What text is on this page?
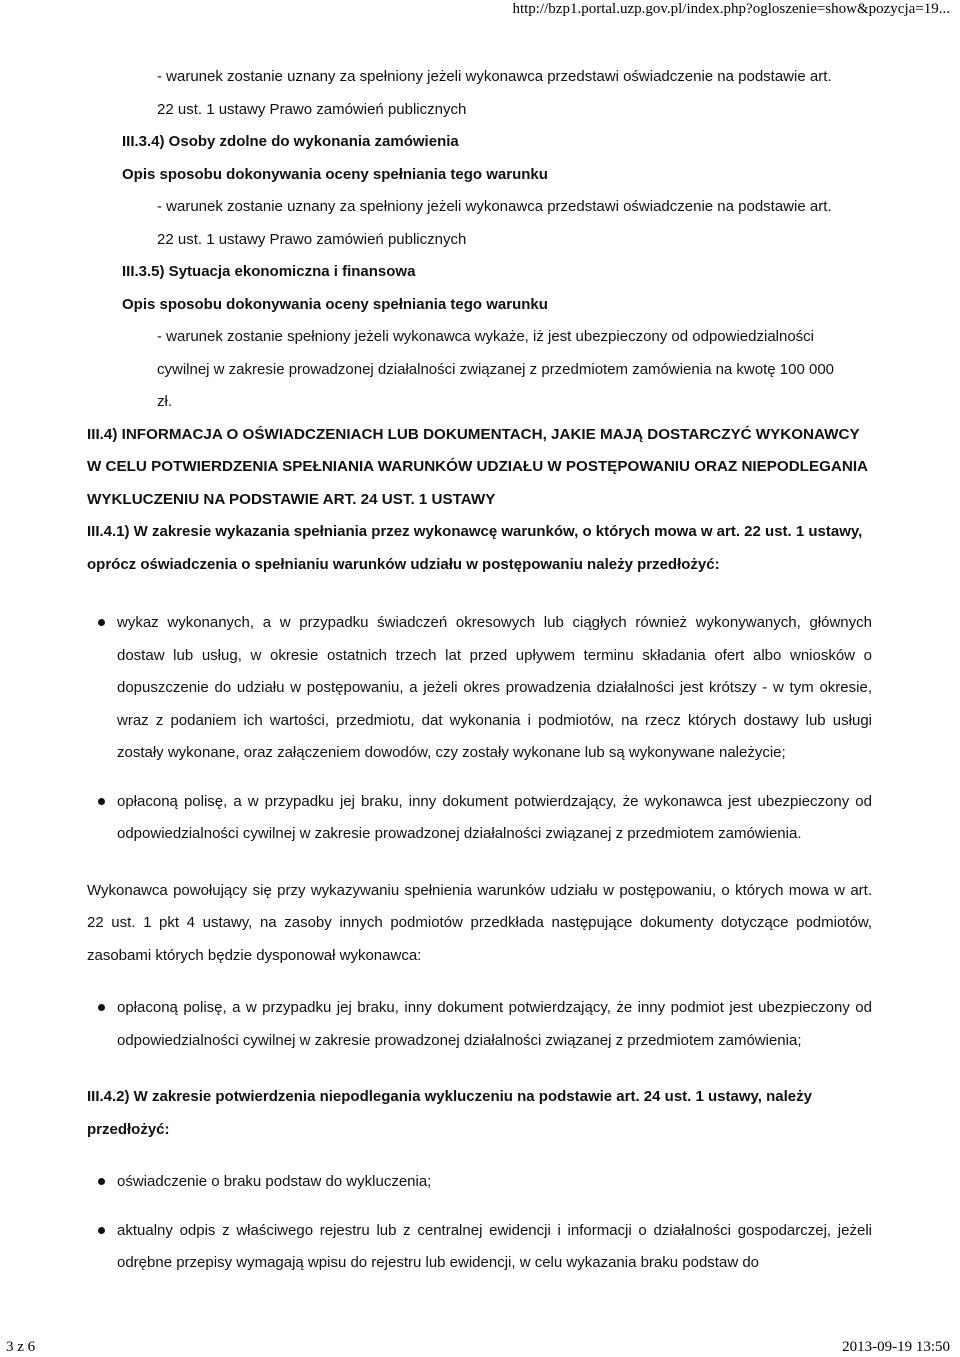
http://bzp1.portal.uzp.gov.pl/index.php?ogloszenie=show&pozycja=19...

- warunek zostanie uznany za spełniony jeżeli wykonawca przedstawi oświadczenie na podstawie art.

22 ust. 1 ustawy Prawo zamówień publicznych

III.3.4) Osoby zdolne do wykonania zamówienia

Opis sposobu dokonywania oceny spełniania tego warunku

- warunek zostanie uznany za spełniony jeżeli wykonawca przedstawi oświadczenie na podstawie art.

22 ust. 1 ustawy Prawo zamówień publicznych

III.3.5) Sytuacja ekonomiczna i finansowa

Opis sposobu dokonywania oceny spełniania tego warunku

- warunek zostanie spełniony jeżeli wykonawca wykaże, iż jest ubezpieczony od odpowiedzialności

cywilnej w zakresie prowadzonej działalności związanej z przedmiotem zamówienia na kwotę 100 000

zł.

III.4) INFORMACJA O OŚWIADCZENIACH LUB DOKUMENTACH, JAKIE MAJĄ DOSTARCZYĆ WYKONAWCY W CELU POTWIERDZENIA SPEŁNIANIA WARUNKÓW UDZIAŁU W POSTĘPOWANIU ORAZ NIEPODLEGANIA WYKLUCZENIU NA PODSTAWIE ART. 24 UST. 1 USTAWY

III.4.1) W zakresie wykazania spełniania przez wykonawcę warunków, o których mowa w art. 22 ust. 1 ustawy, oprócz oświadczenia o spełnianiu warunków udziału w postępowaniu należy przedłożyć:

wykaz wykonanych, a w przypadku świadczeń okresowych lub ciągłych również wykonywanych, głównych dostaw lub usług, w okresie ostatnich trzech lat przed upływem terminu składania ofert albo wniosków o dopuszczenie do udziału w postępowaniu, a jeżeli okres prowadzenia działalności jest krótszy - w tym okresie, wraz z podaniem ich wartości, przedmiotu, dat wykonania i podmiotów, na rzecz których dostawy lub usługi zostały wykonane, oraz załączeniem dowodów, czy zostały wykonane lub są wykonywane należycie;
opłaconą polisę, a w przypadku jej braku, inny dokument potwierdzający, że wykonawca jest ubezpieczony od odpowiedzialności cywilnej w zakresie prowadzonej działalności związanej z przedmiotem zamówienia.

Wykonawca powołujący się przy wykazywaniu spełnienia warunków udziału w postępowaniu, o których mowa w art. 22 ust. 1 pkt 4 ustawy, na zasoby innych podmiotów przedkłada następujące dokumenty dotyczące podmiotów, zasobami których będzie dysponował wykonawca:

opłaconą polisę, a w przypadku jej braku, inny dokument potwierdzający, że inny podmiot jest ubezpieczony od odpowiedzialności cywilnej w zakresie prowadzonej działalności związanej z przedmiotem zamówienia;

III.4.2) W zakresie potwierdzenia niepodlegania wykluczeniu na podstawie art. 24 ust. 1 ustawy, należy przedłożyć:

oświadczenie o braku podstaw do wykluczenia;
aktualny odpis z właściwego rejestru lub z centralnej ewidencji i informacji o działalności gospodarczej, jeżeli odrębne przepisy wymagają wpisu do rejestru lub ewidencji, w celu wykazania braku podstaw do
3 z 6	2013-09-19 13:50
